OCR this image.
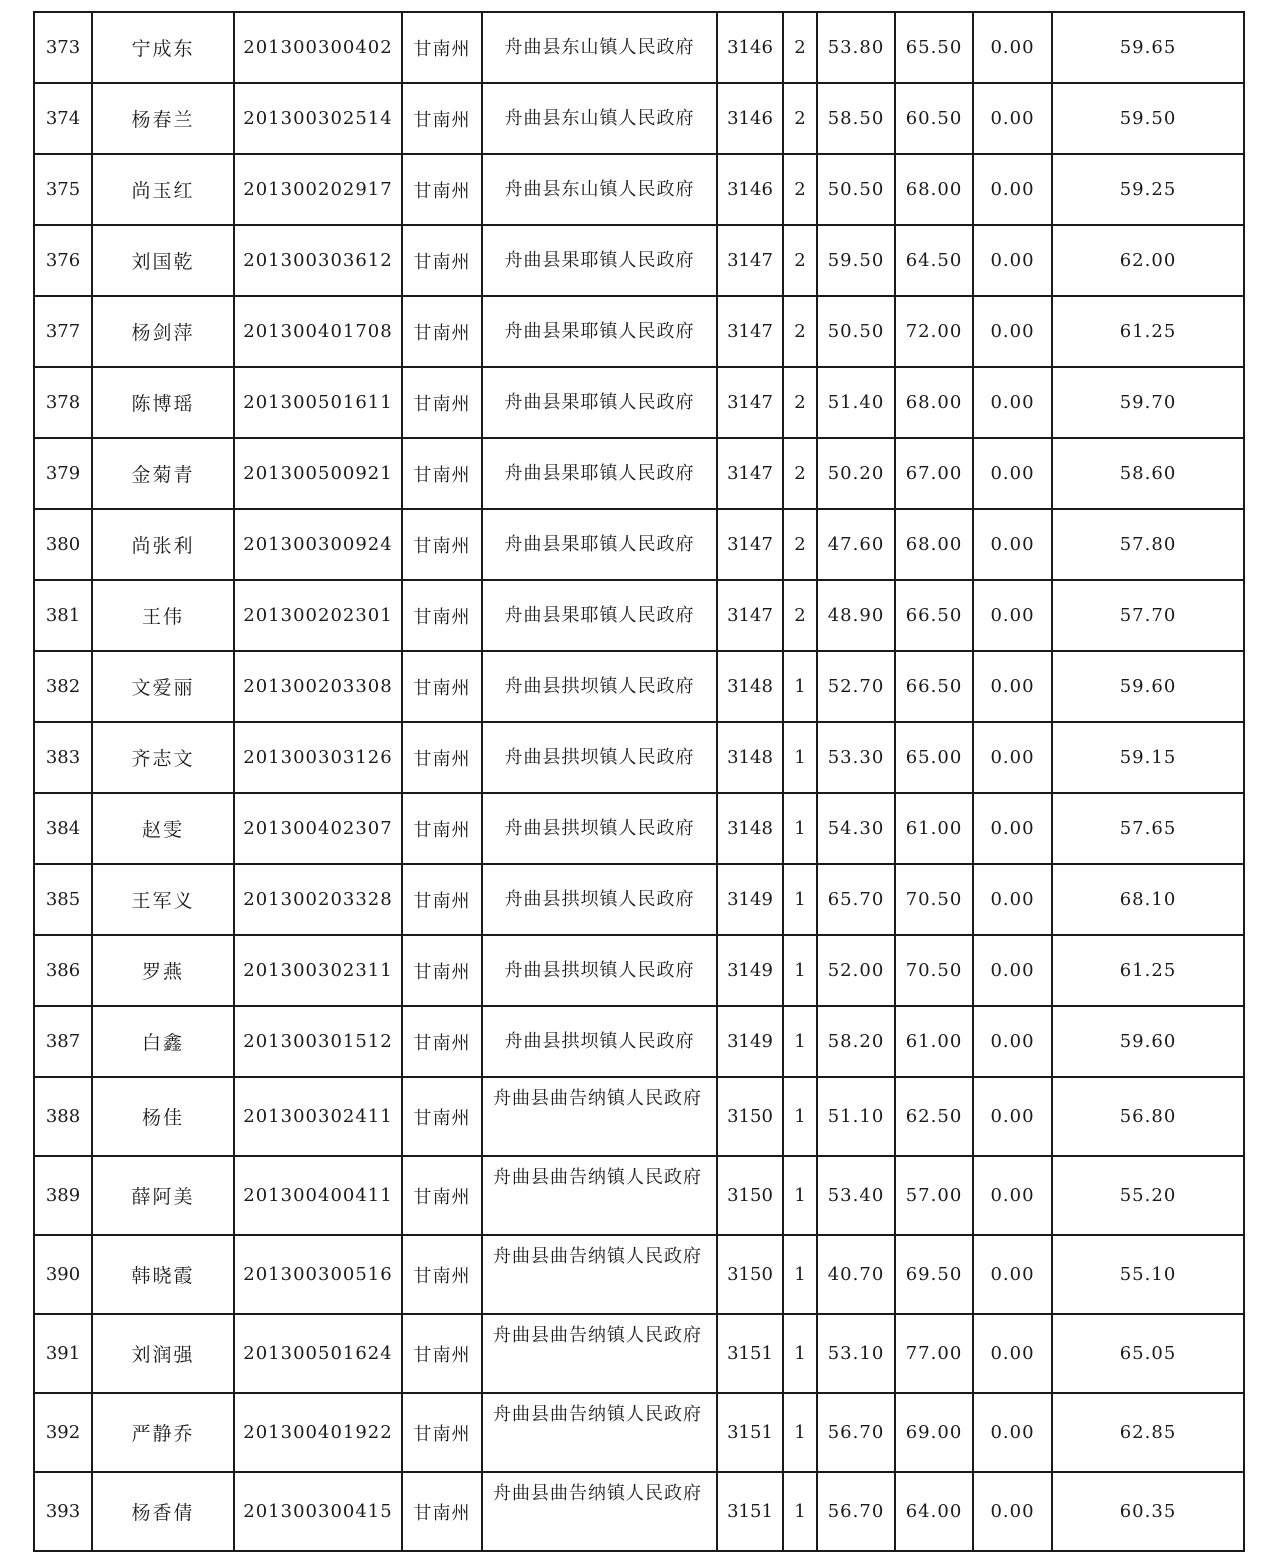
373	宁成东	201300300402	甘南州	舟曲县东山镇人民政府	3146	2	53.80	65.50	0.00	59.65
374	杨春兰	201300302514	甘南州	舟曲县东山镇人民政府	3146	2	58.50	60.50	0.00	59.50
375	尚玉红	201300202917	甘南州	舟曲县东山镇人民政府	3146	2	50.50	68.00	0.00	59.25
376	刘国乾	201300303612	甘南州	舟曲县果耶镇人民政府	3147	2	59.50	64.50	0.00	62.00
377	杨剑萍	201300401708	甘南州	舟曲县果耶镇人民政府	3147	2	50.50	72.00	0.00	61.25
378	陈博瑶	201300501611	甘南州	舟曲县果耶镇人民政府	3147	2	51.40	68.00	0.00	59.70
379	金菊青	201300500921	甘南州	舟曲县果耶镇人民政府	3147	2	50.20	67.00	0.00	58.60
380	尚张利	201300300924	甘南州	舟曲县果耶镇人民政府	3147	2	47.60	68.00	0.00	57.80
381	王伟	201300202301	甘南州	舟曲县果耶镇人民政府	3147	2	48.90	66.50	0.00	57.70
382	文爱丽	201300203308	甘南州	舟曲县拱坝镇人民政府	3148	1	52.70	66.50	0.00	59.60
383	齐志文	201300303126	甘南州	舟曲县拱坝镇人民政府	3148	1	53.30	65.00	0.00	59.15
384	赵雯	201300402307	甘南州	舟曲县拱坝镇人民政府	3148	1	54.30	61.00	0.00	57.65
385	王军义	201300203328	甘南州	舟曲县拱坝镇人民政府	3149	1	65.70	70.50	0.00	68.10
386	罗燕	201300302311	甘南州	舟曲县拱坝镇人民政府	3149	1	52.00	70.50	0.00	61.25
387	白鑫	201300301512	甘南州	舟曲县拱坝镇人民政府	3149	1	58.20	61.00	0.00	59.60
388	杨佳	201300302411	甘南州	舟曲县曲告纳镇人民政府	3150	1	51.10	62.50	0.00	56.80
389	薛阿美	201300400411	甘南州	舟曲县曲告纳镇人民政府	3150	1	53.40	57.00	0.00	55.20
390	韩晓霞	201300300516	甘南州	舟曲县曲告纳镇人民政府	3150	1	40.70	69.50	0.00	55.10
391	刘润强	201300501624	甘南州	舟曲县曲告纳镇人民政府	3151	1	53.10	77.00	0.00	65.05
392	严静乔	201300401922	甘南州	舟曲县曲告纳镇人民政府	3151	1	56.70	69.00	0.00	62.85
393	杨香倩	201300300415	甘南州	舟曲县曲告纳镇人民政府	3151	1	56.70	64.00	0.00	60.35
